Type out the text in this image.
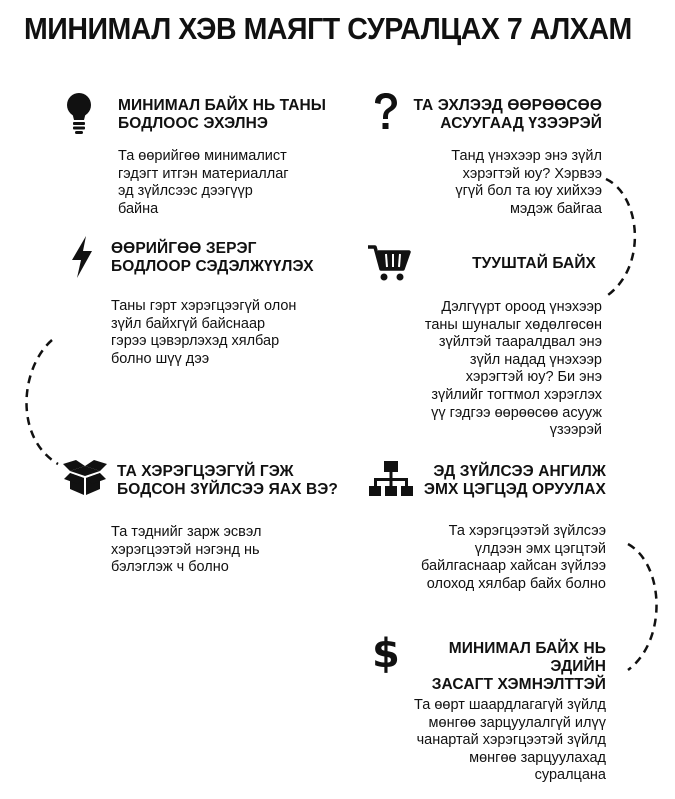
МИНИМАЛ ХЭВ МАЯГТ СУРАЛЦАХ 7 АЛХАМ
МИНИМАЛ БАЙХ НЬ ТАНЫ
БОДЛООС ЭХЭЛНЭ
Та өөрийгөө минималист
гэдэгт итгэн материаллаг
эд зүйлсээс дээгүүр
байна
ТА ЭХЛЭЭД ӨӨРӨӨСӨӨ
АСУУГААД ҮЗЭЭРЭЙ
Танд үнэхээр энэ зүйл
хэрэгтэй юу? Хэрвээ
үгүй бол та юу хийхээ
мэдэж байгаа
ӨӨРИЙГӨӨ ЗЕРЭГ
БОДЛООР СЭДЭЛЖҮҮЛЭХ
Таны гэрт хэрэгцээгүй олон
зүйл байхгүй байснаар
гэрээ цэвэрлэхэд хялбар
болно шүү дээ
ТУУШТАЙ БАЙХ
Дэлгүүрт ороод үнэхээр
таны шуналыг хөдөлгөсөн
зүйлтэй тааралдвал энэ
зүйл надад үнэхээр
хэрэгтэй юу? Би энэ
зүйлийг тогтмол хэрэглэх
үү гэдгээ өөрөөсөө асууж
үзээрэй
ТА ХЭРЭГЦЭЭГҮЙ ГЭЖ
БОДСОН ЗҮЙЛСЭЭ ЯАХ ВЭ?
Та тэднийг зарж эсвэл
хэрэгцээтэй нэгэнд нь
бэлэглэж ч болно
ЭД ЗҮЙЛСЭЭ АНГИЛЖ
ЭМХ ЦЭГЦЭД ОРУУЛАХ
Та хэрэгцээтэй зүйлсээ
үлдээн эмх цэгцтэй
байлгаснаар хайсан зүйлээ
олоход хялбар байх болно
$	МИНИМАЛ БАЙХ НЬ ЭДИЙН
ЗАСАГТ ХЭМНЭЛТТЭЙ
Та өөрт шаардлагагүй зүйлд
мөнгөө зарцуулалгүй илүү
чанартай хэрэгцээтэй зүйлд
мөнгөө зарцуулахад
суралцана
